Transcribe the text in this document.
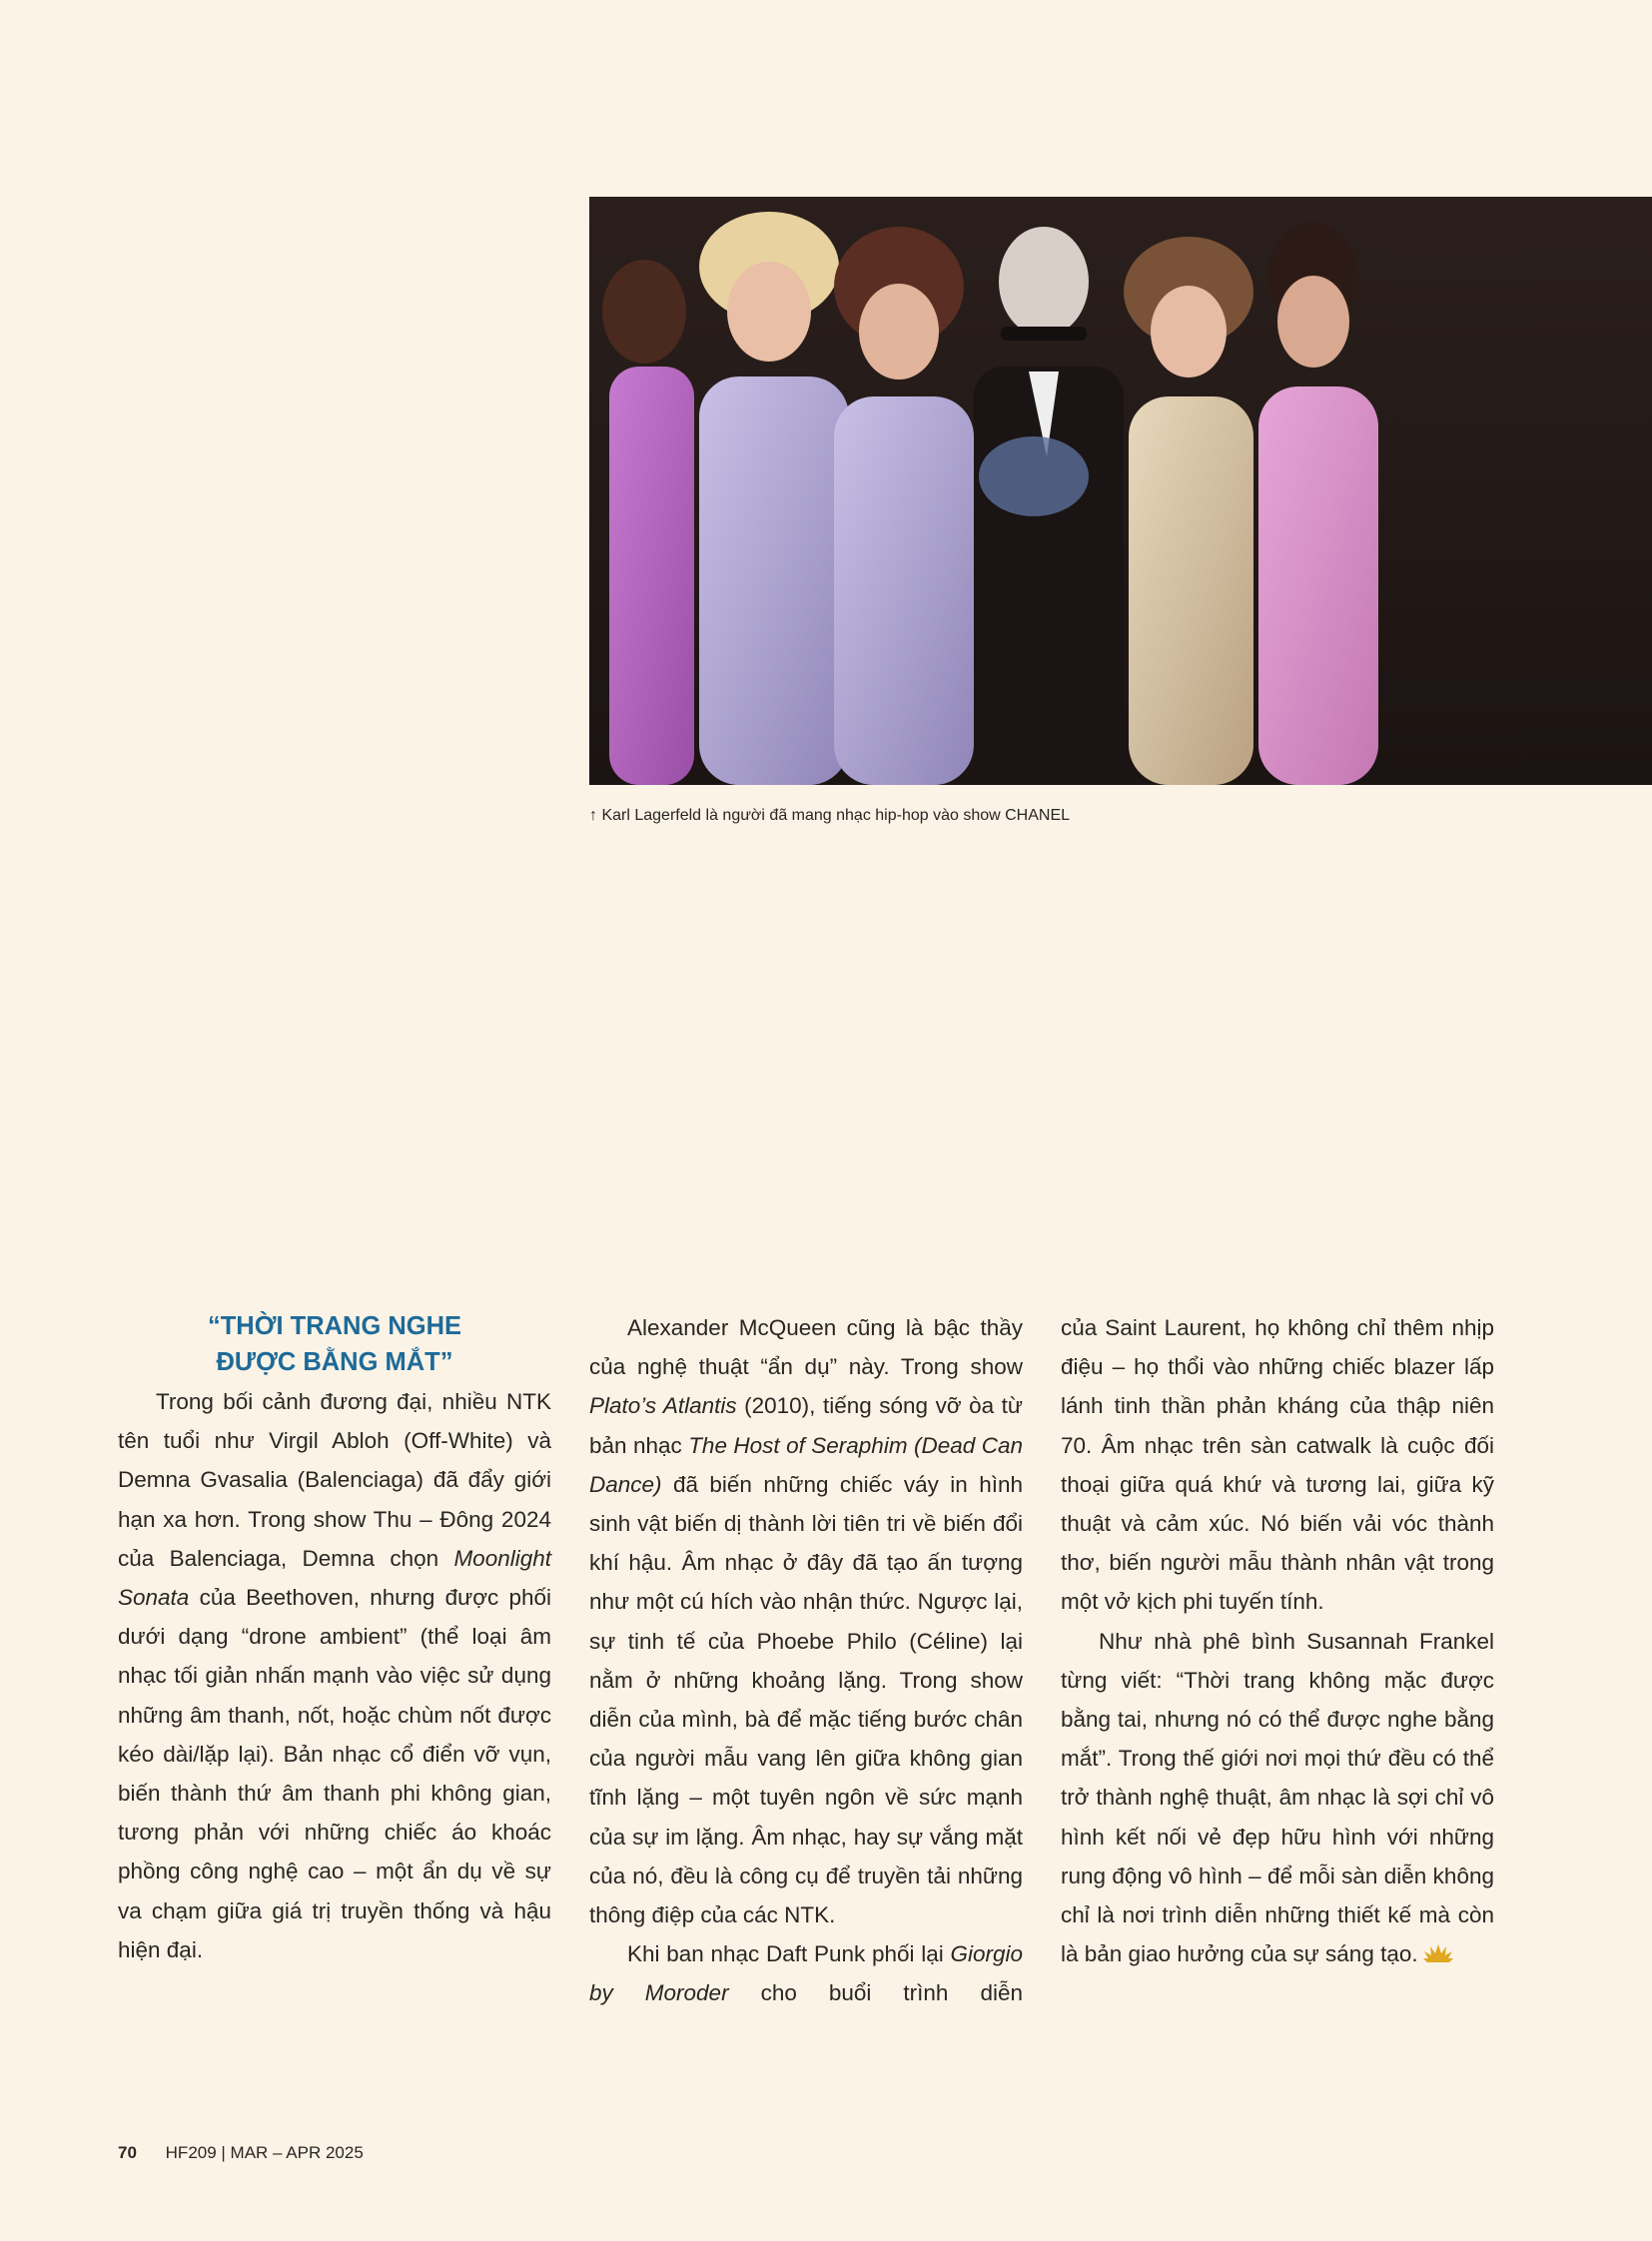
↑ Karl Lagerfeld là người đã mang nhạc hip-hop vào show CHANEL
“THỜI TRANG NGHE
ĐƯỢC BẰNG MẮT”

Trong bối cảnh đương đại, nhiều NTK tên tuổi như Virgil Abloh (Off-White) và Demna Gvasalia (Balenciaga) đã đẩy giới hạn xa hơn. Trong show Thu – Đông 2024 của Balenciaga, Demna chọn Moonlight Sonata của Beethoven, nhưng được phối dưới dạng “drone ambient” (thể loại âm nhạc tối giản nhấn mạnh vào việc sử dụng những âm thanh, nốt, hoặc chùm nốt được kéo dài/lặp lại). Bản nhạc cổ điển vỡ vụn, biến thành thứ âm thanh phi không gian, tương phản với những chiếc áo khoác phồng công nghệ cao – một ẩn dụ về sự va chạm giữa giá trị truyền thống và hậu hiện đại.

Alexander McQueen cũng là bậc thầy của nghệ thuật “ẩn dụ” này. Trong show Plato’s Atlantis (2010), tiếng sóng vỡ òa từ bản nhạc The Host of Seraphim (Dead Can Dance) đã biến những chiếc váy in hình sinh vật biến dị thành lời tiên tri về biến đổi khí hậu. Âm nhạc ở đây đã tạo ấn tượng như một cú hích vào nhận thức. Ngược lại, sự tinh tế của Phoebe Philo (Céline) lại nằm ở những khoảng lặng. Trong show diễn của mình, bà để mặc tiếng bước chân của người mẫu vang lên giữa không gian tĩnh lặng – một tuyên ngôn về sức mạnh của sự im lặng. Âm nhạc, hay sự vắng mặt của nó, đều là công cụ để truyền tải những thông điệp của các NTK.

Khi ban nhạc Daft Punk phối lại Giorgio by Moroder cho buổi trình diễn

của Saint Laurent, họ không chỉ thêm nhịp điệu – họ thổi vào những chiếc blazer lấp lánh tinh thần phản kháng của thập niên 70. Âm nhạc trên sàn catwalk là cuộc đối thoại giữa quá khứ và tương lai, giữa kỹ thuật và cảm xúc. Nó biến vải vóc thành thơ, biến người mẫu thành nhân vật trong một vở kịch phi tuyến tính.

Như nhà phê bình Susannah Frankel từng viết: “Thời trang không mặc được bằng tai, nhưng nó có thể được nghe bằng mắt”. Trong thế giới nơi mọi thứ đều có thể trở thành nghệ thuật, âm nhạc là sợi chỉ vô hình kết nối vẻ đẹp hữu hình với những rung động vô hình – để mỗi sàn diễn không chỉ là nơi trình diễn những thiết kế mà còn là bản giao hưởng của sự sáng tạo.

70 HF209 | MAR – APR 2025
